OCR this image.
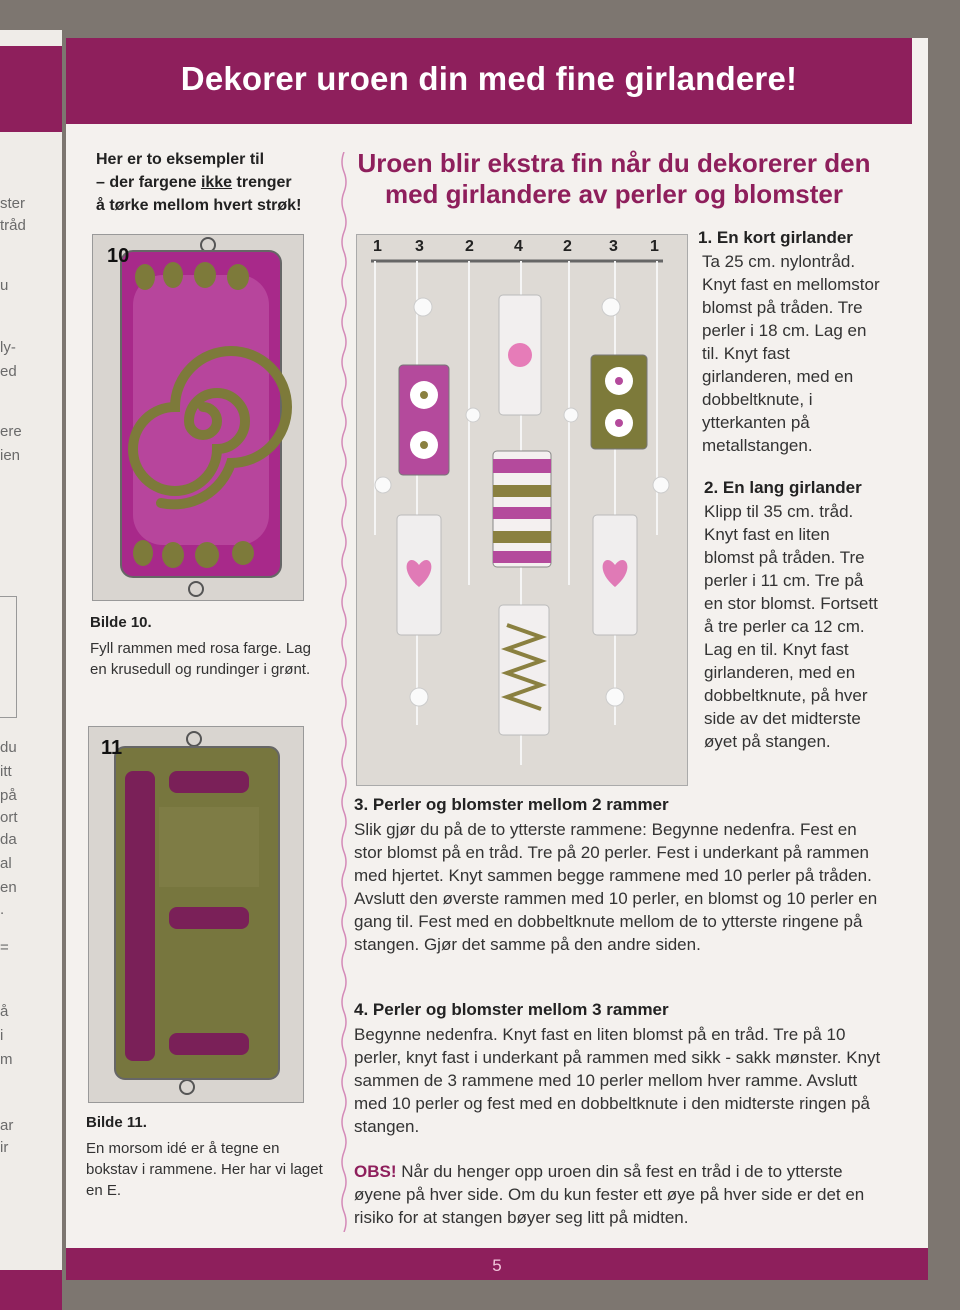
ster
tråd
u
ly-
ed
ere
ien
du
itt
på
ort
da
al
en
.
=
å
i
m
ar
ir
Dekorer uroen din med fine girlandere!
Her er to eksempler til
– der fargene ikke trenger
å tørke mellom hvert strøk!
10
Bilde 10.
Fyll rammen med rosa farge. Lag en krusedull og rundinger i grønt.
11
Bilde 11.
En morsom idé er å tegne en bokstav i rammene. Her har vi laget en E.
Uroen blir ekstra fin når du dekorerer den
med girlandere av perler og blomster
1 3	2	4	2 3 1 1. En kort girlander
Ta 25 cm. nylontråd. Knyt fast en mellomstor blomst på tråden. Tre perler i 18 cm. Lag en til. Knyt fast girlanderen, med en dobbeltknute, i ytterkanten på metallstangen.
2. En lang girlander
Klipp til 35 cm. tråd. Knyt fast en liten blomst på tråden. Tre perler i 11 cm. Tre på en stor blomst. Fortsett å tre perler ca 12 cm. Lag en til. Knyt fast girlanderen, med en dobbeltknute, på hver side av det midterste øyet på stangen.
3. Perler og blomster mellom 2 rammer
Slik gjør du på de to ytterste rammene: Begynne nedenfra. Fest en stor blomst på en tråd. Tre på 20 perler. Fest i underkant på rammen med hjertet. Knyt sammen begge rammene med 10 perler på tråden. Avslutt den øverste rammen med 10 perler, en blomst og 10 perler en gang til. Fest med en dobbeltknute mellom de to ytterste ringene på stangen. Gjør det samme på den andre siden.
4. Perler og blomster mellom 3 rammer
Begynne nedenfra. Knyt fast en liten blomst på en tråd. Tre på 10 perler, knyt fast i underkant på rammen med sikk - sakk mønster. Knyt sammen de 3 rammene med 10 perler mellom hver ramme. Avslutt med 10 perler og fest med en dobbeltknute i den midterste ringen på stangen.
OBS! Når du henger opp uroen din så fest en tråd i de to ytterste øyene på hver side. Om du kun fester ett øye på hver side er det en risiko for at stangen bøyer seg litt på midten.
5
